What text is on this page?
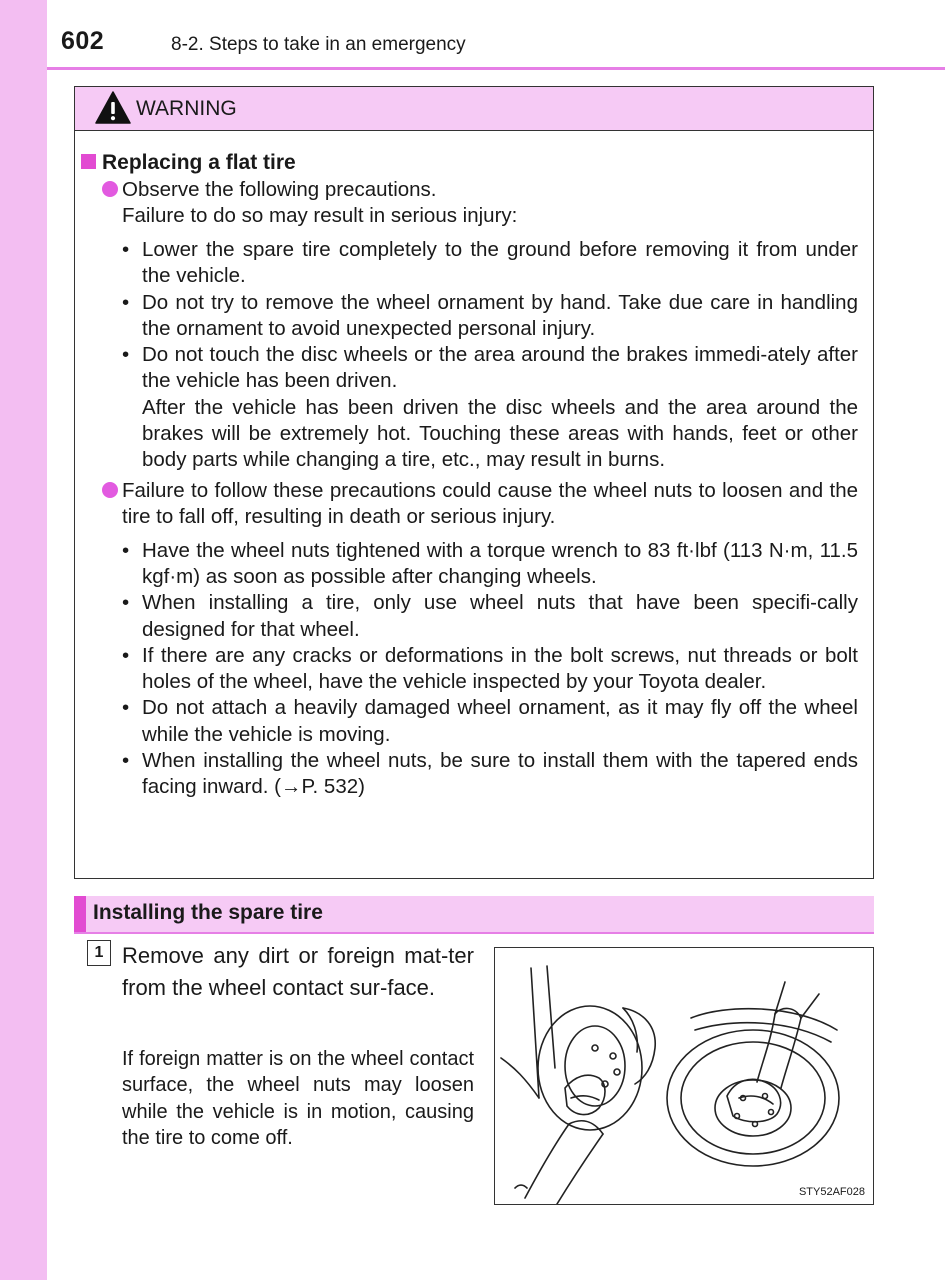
602	8-2. Steps to take in an emergency
WARNING
Replacing a flat tire
Observe the following precautions.
Failure to do so may result in serious injury:
• Lower the spare tire completely to the ground before removing it from under the vehicle.
• Do not try to remove the wheel ornament by hand. Take due care in handling the ornament to avoid unexpected personal injury.

• Do not touch the disc wheels or the area around the brakes immedi-ately after the vehicle has been driven.

After the vehicle has been driven the disc wheels and the area around the brakes will be extremely hot. Touching these areas with hands, feet or other body parts while changing a tire, etc., may result in burns.

Failure to follow these precautions could cause the wheel nuts to loosen and the tire to fall off, resulting in death or serious injury.
• Have the wheel nuts tightened with a torque wrench to 83 ft·lbf (113 N·m, 11.5 kgf·m) as soon as possible after changing wheels.
• When installing a tire, only use wheel nuts that have been specifi-cally designed for that wheel.
• If there are any cracks or deformations in the bolt screws, nut threads or bolt holes of the wheel, have the vehicle inspected by your Toyota dealer.
• Do not attach a heavily damaged wheel ornament, as it may fly off the wheel while the vehicle is moving.
• When installing the wheel nuts, be sure to install them with the tapered ends facing inward. (→P. 532)
Installing the spare tire
1 Remove any dirt or foreign mat-ter from the wheel contact sur-face.
If foreign matter is on the wheel contact surface, the wheel nuts may loosen while the vehicle is in motion, causing the tire to come off.
STY52AF028
